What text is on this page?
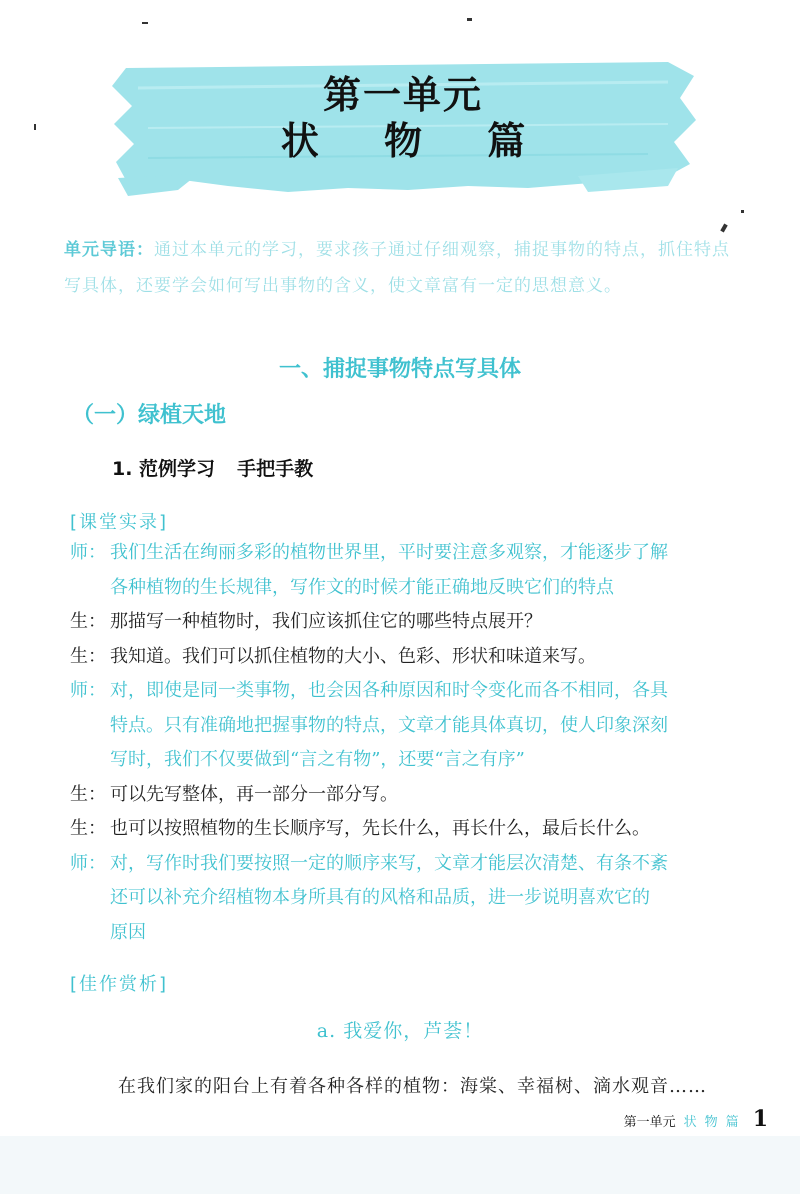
第一单元
状 物 篇
单元导语：通过本单元的学习，要求孩子通过仔细观察，捕捉事物的特点，抓住特点写具体，还要学会如何写出事物的含义，使文章富有一定的思想意义。
一、捕捉事物特点写具体
（一）绿植天地
1. 范例学习 手把手教
[课堂实录]
师： 我们生活在绚丽多彩的植物世界里，平时要注意多观察，才能逐步了解
各种植物的生长规律，写作文的时候才能正确地反映它们的特点
生： 那描写一种植物时，我们应该抓住它的哪些特点展开？
生： 我知道。我们可以抓住植物的大小、色彩、形状和味道来写。
师： 对，即使是同一类事物，也会因各种原因和时令变化而各不相同，各具
特点。只有准确地把握事物的特点，文章才能具体真切，使人印象深刻
写时，我们不仅要做到“言之有物”，还要“言之有序”
生： 可以先写整体，再一部分一部分写。
生： 也可以按照植物的生长顺序写，先长什么，再长什么，最后长什么。
师： 对，写作时我们要按照一定的顺序来写，文章才能层次清楚、有条不紊
还可以补充介绍植物本身所具有的风格和品质，进一步说明喜欢它的
原因
[佳作赏析]
a. 我爱你，芦荟！
在我们家的阳台上有着各种各样的植物：海棠、幸福树、滴水观音……
第一单元 状物篇 1
